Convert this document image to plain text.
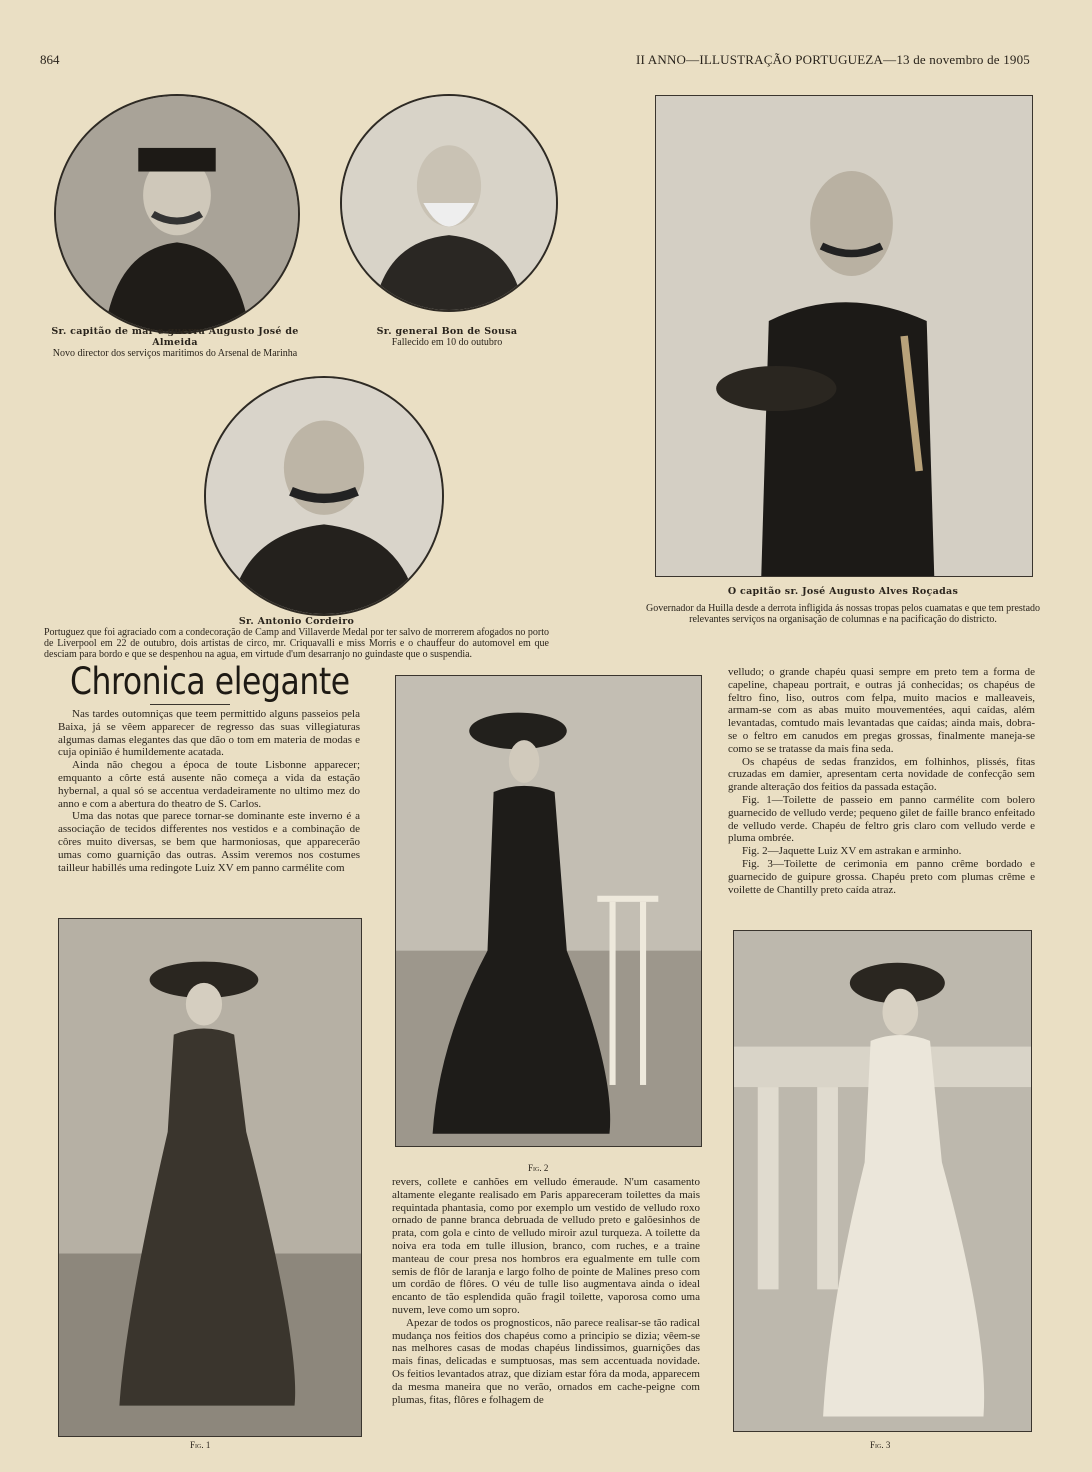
864	II ANNO—ILLUSTRAÇÃO PORTUGUEZA—13 de novembro de 1905
Sr. capitão de mar e guerra Augusto José de Almeida
Novo director dos serviços maritimos do Arsenal de Marinha
Sr. general Bon de Sousa
Fallecido em 10 do outubro
Sr. Antonio Cordeiro
Portuguez que foi agraciado com a condecoração de Camp and Villaverde Medal por ter salvo de morrerem afogados no porto de Liverpool em 22 de outubro, dois artistas de circo, mr. Criquavalli e miss Morris e o chauffeur do automovel em que desciam para bordo e que se despenhou na agua, em virtude d'um desarranjo no guindaste que o suspendia.
O capitão sr. José Augusto Alves Roçadas
Governador da Huilla desde a derrota infligida ás nossas tropas pelos cuamatas e que tem prestado relevantes serviços na organisação de columnas e na pacificação do districto.
Chronica elegante

Nas tardes outomniças que teem permittido alguns passeios pela Baixa, já se vêem apparecer de regresso das suas villegiaturas algumas damas elegantes das que dão o tom em materia de modas e cuja opinião é humildemente acatada.

Ainda não chegou a época de toute Lisbonne apparecer; emquanto a côrte está ausente não começa a vida da estação hybernal, a qual só se accentua verdadeiramente no ultimo mez do anno e com a abertura do theatro de S. Carlos.

Uma das notas que parece tornar-se dominante este inverno é a associação de tecidos differentes nos vestidos e a combinação de côres muito diversas, se bem que harmoniosas, que apparecerão umas como guarnição das outras. Assim veremos nos costumes tailleur habillés uma redingote Luiz XV em panno carmélite com

Fig. 1
Fig. 2

revers, collete e canhões em velludo émeraude. N'um casamento altamente elegante realisado em Paris appareceram toilettes da mais requintada phantasia, como por exemplo um vestido de velludo roxo ornado de panne branca debruada de velludo preto e galõesinhos de prata, com gola e cinto de velludo miroir azul turqueza. A toilette da noiva era toda em tulle illusion, branco, com ruches, e a traine manteau de cour presa nos hombros era egualmente em tulle com semis de flôr de laranja e largo folho de pointe de Malines preso com um cordão de flôres. O véu de tulle liso augmentava ainda o ideal encanto de tão esplendida quão fragil toilette, vaporosa como uma nuvem, leve como um sopro.

Apezar de todos os prognosticos, não parece realisar-se tão radical mudança nos feitios dos chapéus como a principio se dizia; vêem-se nas melhores casas de modas chapéus lindissimos, guarnições das mais finas, delicadas e sumptuosas, mas sem accentuada novidade. Os feitios levantados atraz, que diziam estar fóra da moda, apparecem da mesma maneira que no verão, ornados em cache-peigne com plumas, fitas, flôres e folhagem de

velludo; o grande chapéu quasi sempre em preto tem a forma de capeline, chapeau portrait, e outras já conhecidas; os chapéus de feltro fino, liso, outros com felpa, muito macios e malleaveis, armam-se com as abas muito mouvementées, aqui caídas, além levantadas, comtudo mais levantadas que caídas; ainda mais, dobra-se o feltro em canudos em pregas grossas, finalmente maneja-se como se se tratasse da mais fina seda.

Os chapéus de sedas franzidos, em folhinhos, plissés, fitas cruzadas em damier, apresentam certa novidade de confecção sem grande alteração dos feitios da passada estação.

Fig. 1—Toilette de passeio em panno carmélite com bolero guarnecido de velludo verde; pequeno gilet de faille branco enfeitado de velludo verde. Chapéu de feltro gris claro com velludo verde e pluma ombrée.

Fig. 2—Jaquette Luiz XV em astrakan e arminho.

Fig. 3—Toilette de cerimonia em panno crême bordado e guarnecido de guipure grossa. Chapéu preto com plumas crême e voilette de Chantilly preto caída atraz.

Fig. 3
